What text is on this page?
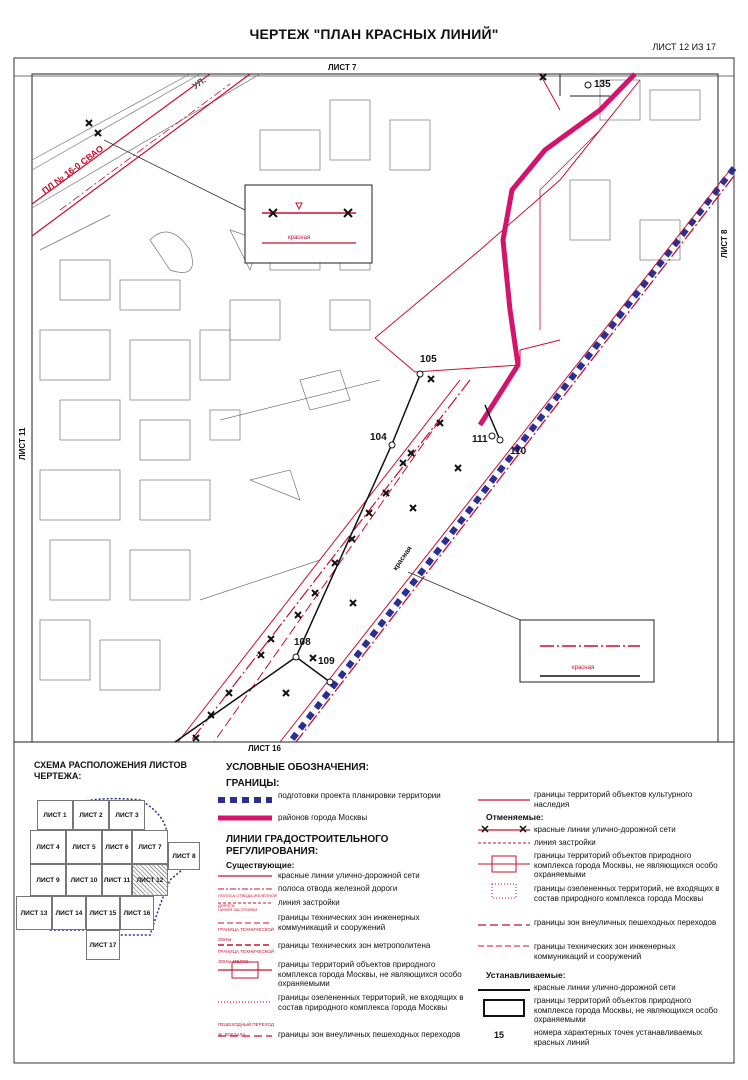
ЧЕРТЕЖ "ПЛАН КРАСНЫХ ЛИНИЙ"
ЛИСТ 12 ИЗ 17
ЛИСТ 7
ЛИСТ 8
ЛИСТ 11
ЛИСТ 16
УЛ.
ПЛ № 16-0 СВАО
красная
135
105
104	111
110
108
109
красная
красная
СХЕМА РАСПОЛОЖЕНИЯ ЛИСТОВ ЧЕРТЕЖА:
ЛИСТ 1	ЛИСТ 2	ЛИСТ 3
ЛИСТ 4	ЛИСТ 5	ЛИСТ 6	ЛИСТ 7
ЛИСТ 8
ЛИСТ 9	ЛИСТ 10 ЛИСТ 11 ЛИСТ 12
ЛИСТ 13	ЛИСТ 14	ЛИСТ 15	ЛИСТ 16
ЛИСТ 17
УСЛОВНЫЕ ОБОЗНАЧЕНИЯ:
ГРАНИЦЫ:
подготовки проекта планировки территории
районов города Москвы
ЛИНИИ ГРАДОСТРОИТЕЛЬНОГО РЕГУЛИРОВАНИЯ:
Существующие:
красные линии улично-дорожной сети
полоса отвода железной дороги
линия застройки
границы технических зон инженерных коммуникаций и сооружений
границы технических зон метрополитена
границы территорий объектов природного комплекса города Москвы, не являющихся особо охраняемыми
границы озелененных территорий, не входящих в состав природного комплекса города Москвы
границы зон внеуличных пешеходных переходов
ГРАНИЦА ТЕХНИЧЕСКОЙ ЗОНЫ
ГРАНИЦА ТЕХНИЧЕСКОЙ ЗОНЫ МЕТРО
ПЕШЕХОДНЫЙ ПЕРЕХОД Ж. ВОКЗАЛА
ПОЛОСА ОТВОДА ЖЕЛЕЗНОЙ ДОРОГИ
ЛИНИЯ ЗАСТРОЙКИ
границы территорий объектов культурного наследия
Отменяемые:
красные линии улично-дорожной сети
линия застройки
границы территорий объектов природного комплекса города Москвы, не являющихся особо охраняемыми
границы озелененных территорий, не входящих в состав природного комплекса города Москвы
границы зон внеуличных пешеходных переходов
границы технических зон инженерных коммуникаций и сооружений
Устанавливаемые:
красные линии улично-дорожной сети
границы территорий объектов природного комплекса города Москвы, не являющихся особо охраняемыми
номера характерных точек устанавливаемых красных линий
15
